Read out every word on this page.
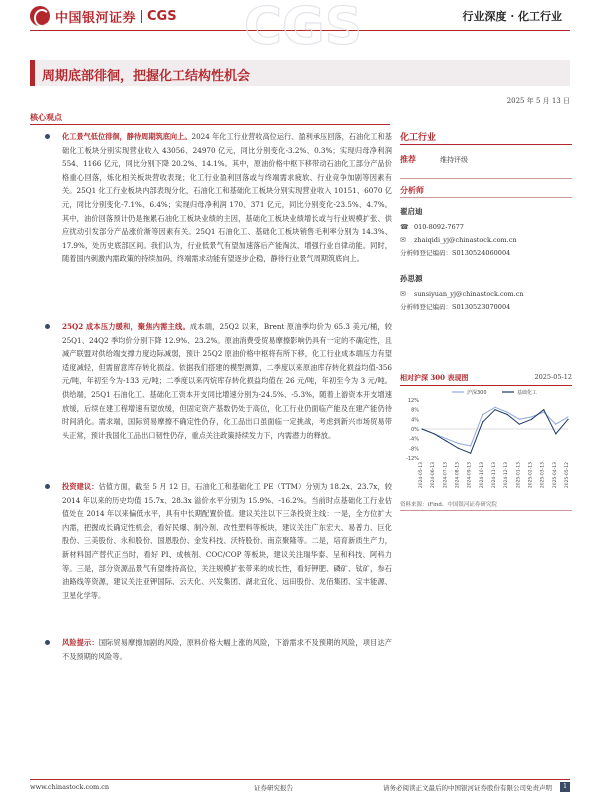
中国银河证券 CGS	行业深度 · 化工行业
CGS
周期底部徘徊，把握化工结构性机会
2025 年 5 月 13 日
核心观点
化工景气低位徘徊，静待周期筑底向上。2024 年化工行业营收高位运行、盈利承压回落，石油化工和基础化工板块分别实现营业收入 43056、24970 亿元，同比分别变化-3.2%、0.3%；实现归母净利润 554、1166 亿元，同比分别下降 20.2%、14.1%。其中，原油价格中枢下移带动石油化工部分产品价格重心回落，炼化相关板块营收表现；化工行业盈利回落或与终端需求疲软、行业竞争加剧等因素有关。25Q1 化工行业板块内部表现分化，石油化工和基础化工板块分别实现营业收入 10151、6070 亿元，同比分别变化-7.1%、6.4%；实现归母净利润 170、371 亿元，同比分别变化-23.5%、4.7%。其中，油价回落预计仍是拖累石油化工板块业绩的主因，基础化工板块业绩增长或与行业规模扩张、供应扰动引发部分产品涨价渐等因素有关。25Q1 石油化工、基础化工板块销售毛利率分别为 14.3%、17.9%，处历史底部区间。我们认为，行业低景气有望加速落后产能淘汰、增强行业自律动能。同时，随着国内刺激内需政策的持续加码，终端需求动能有望逐步企稳，静待行业景气周期筑底向上。
25Q2 成本压力缓和，聚焦内需主线。成本端，25Q2 以来，Brent 原油季均价为 65.3 美元/桶，较 25Q1、24Q2 季均价分别下降 12.9%、23.2%。原油消费受贸易摩擦影响仍具有一定的不确定性，且减产联盟对供给端支撑力度边际减弱，预计 25Q2 原油价格中枢将有所下移，化工行业成本端压力有望适度减轻，但需留意库存转化损益。依据我们搭建的模型测算，二季度以来原油库存转化损益均值-356 元/吨，年初至今为-133 元/吨；二季度以来丙烷库存转化损益均值在 26 元/吨，年初至今为 3 元/吨。供给端，25Q1 石油化工、基础化工资本开支同比增速分别为-24.5%、-5.3%，随着上游资本开支增速放缓，后续在建工程增速有望放缓，但固定资产基数仍处于高位，化工行业仍面临产能及在建产能仍待时间消化。需求端，国际贸易摩擦不确定性仍存，化工品出口虽面临一定挑战，考虑到新兴市场贸易带头正常，预计我国化工品出口韧性仍存，重点关注政策持续发力下，内需潜力的释放。
投资建议：估值方面，截至 5 月 12 日，石油化工和基础化工 PE（TTM）分别为 18.2x、23.7x，较 2014 年以来的历史均值 15.7x、28.3x 溢价水平分别为 15.9%、-16.2%。当前时点基础化工行业估值处在 2014 年以来偏低水平，具有中长期配置价值。建议关注以下三条投资主线：一是，全方位扩大内需，把握成长确定性机会，看好民爆、制冷剂、改性塑料等板块，建议关注广东宏大、易普力、巨化股份、三美股份、永和股份、国恩股份、金发科技、沃特股份、南京聚隆等。二是，培育新质生产力，新材料国产替代正当时，看好 PI、成核剂、COC/COP 等板块，建议关注瑞华泰、呈和科技、阿科力等。三是，部分资源品景气有望维持高位，关注规模扩张带来的成长性，看好钾肥、磷矿、钛矿，参石油路线等资源，建议关注亚钾国际、云天化、兴发集团、湖北宜化、远田股份、龙佰集团、宝丰能源、卫星化学等。
风险提示：国际贸易摩擦加剧的风险，原料价格大幅上涨的风险，下游需求不及预期的风险，项目达产不及预期的风险等。
化工行业
推荐	维持评级
分析师
翟启迪
☎ 010-8092-7677
✉	zhaiqidi_yj@chinastock.com.cn
分析师登记编码：S0130524060004
孙思源
✉	sunsiyuan_yj@chinastock.com.cn
分析师登记编码：S0130523070004
相对沪深 300 表现图	2025-05-12
沪深300	基础化工
12%
8%
4%
0%
-4%
-8%
-12%
2024-05-13 2024-06-13 2024-07-13 2024-08-13 2024-09-13 2024-10-13 2024-11-13 2024-12-13 2025-01-13 2025-02-13 2025-03-13 2025-04-13 2025-05-12
资料来源：iFind、中国银河证券研究院
www.chinastock.com.cn	证券研究报告	请务必阅读正文最后的中国银河证券股份有限公司免责声明	1
